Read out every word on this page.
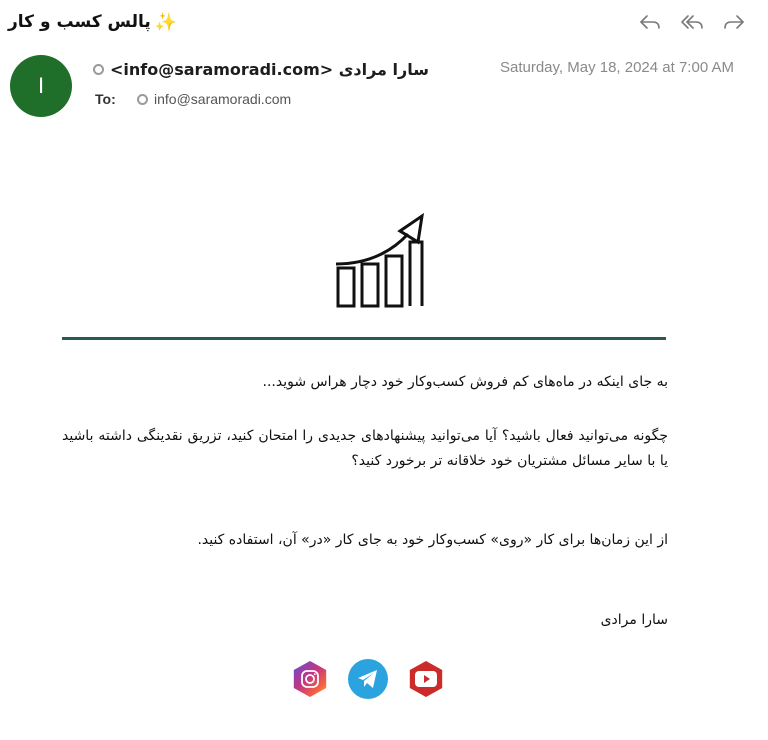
✨
پالس کسب و کار
I
سارا مرادی <info@saramoradi.com>	Saturday, May 18, 2024 at 7:00 AM
To:	info@saramoradi.com

به جای اینکه در ماه‌های کم فروش کسب‌وکار خود دچار هراس شوید...

چگونه می‌توانید فعال باشید؟ آیا می‌توانید پیشنهادهای جدیدی را امتحان کنید، تزریق نقدینگی داشته باشید یا با سایر مسائل مشتریان خود خلاقانه تر برخورد کنید؟

از این زمان‌ها برای کار «روی» کسب‌وکار خود به جای کار «در» آن، استفاده کنید.

سارا مرادی
